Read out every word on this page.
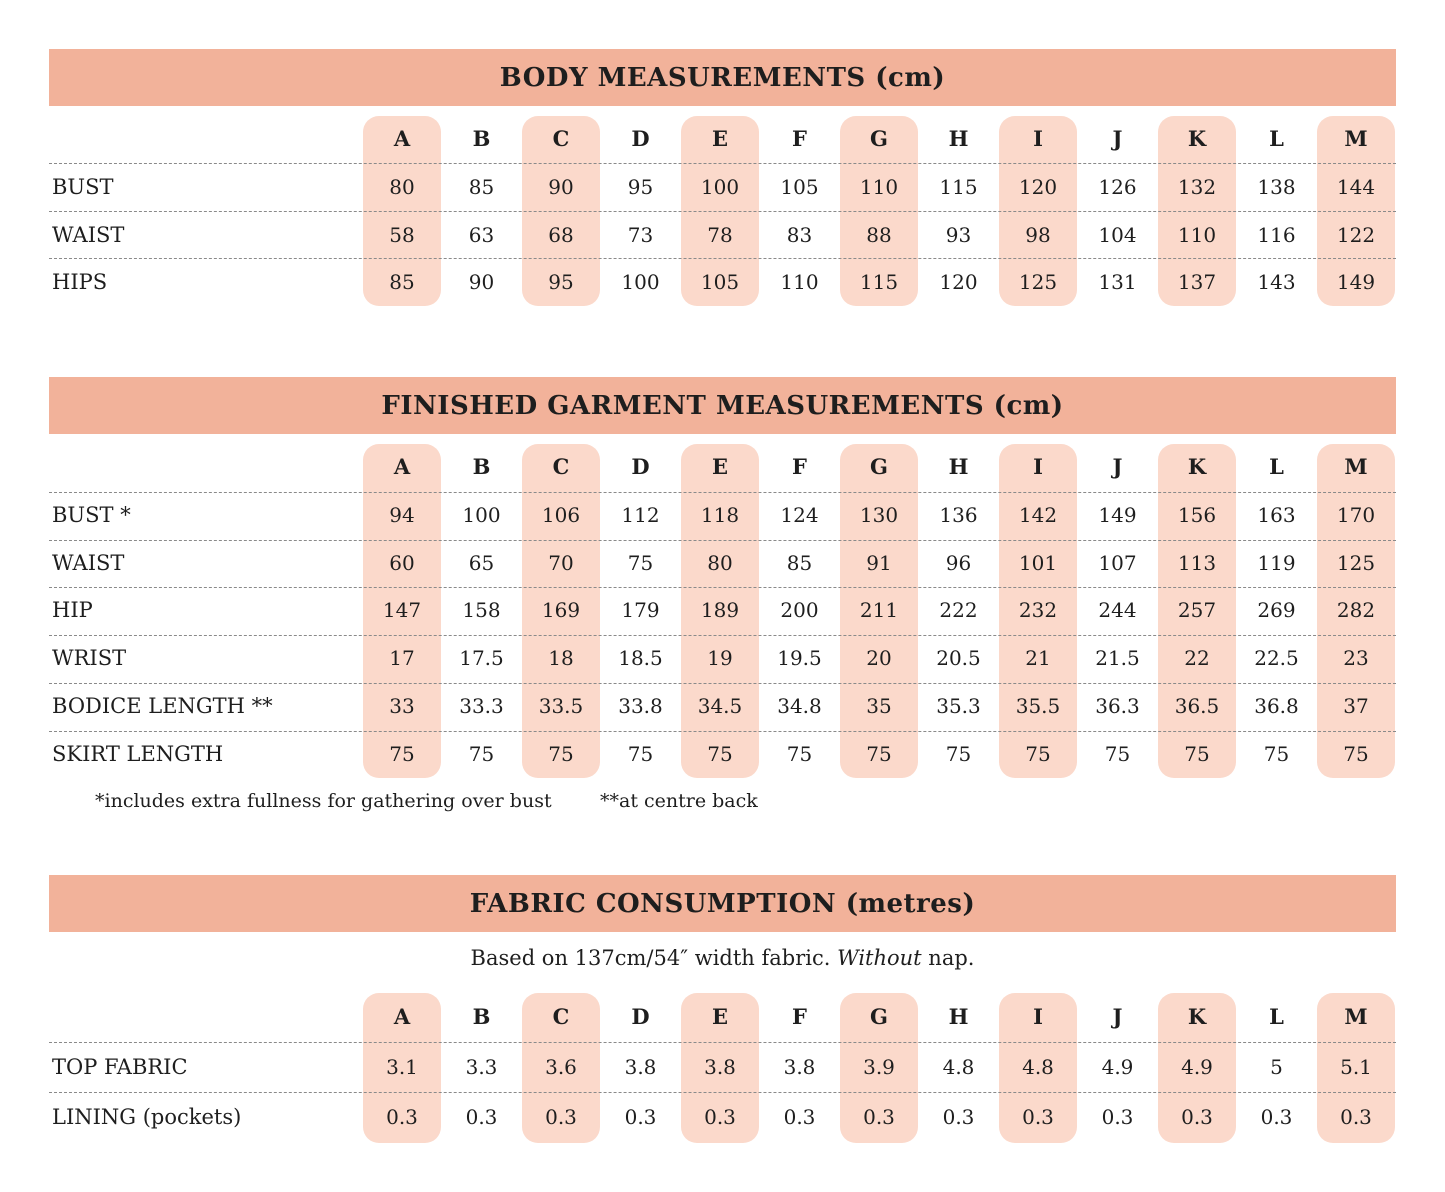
BODY MEASUREMENTS (cm)
FINISHED GARMENT MEASUREMENTS (cm)
*includes extra fullness for gathering over bust	**at centre back
FABRIC CONSUMPTION (metres)
Based on 137cm/54″ width fabric. Without nap.
A	B	C	D	E	F	G	H	I	J	K	L	M
BUST	80	85	90	95	100	105	110	115	120	126	132	138	144
WAIST	58	63	68	73	78	83	88	93	98	104	110	116	122
HIPS	85	90	95	100	105	110	115	120	125	131	137	143	149
A	B	C	D	E	F	G	H	I	J	K	L	M
BUST *	94	100	106	112	118	124	130	136	142	149	156	163	170
WAIST	60	65	70	75	80	85	91	96	101	107	113	119	125
HIP	147	158	169	179	189	200	211	222	232	244	257	269	282
WRIST	17	17.5	18	18.5	19	19.5	20	20.5	21	21.5	22	22.5	23
BODICE LENGTH **	33	33.3	33.5	33.8	34.5	34.8	35	35.3	35.5	36.3	36.5	36.8	37
SKIRT LENGTH	75	75	75	75	75	75	75	75	75	75	75	75	75
A	B	C	D	E	F	G	H	I	J	K	L	M
TOP FABRIC	3.1	3.3	3.6	3.8	3.8	3.8	3.9	4.8	4.8	4.9	4.9	5	5.1
LINING (pockets)	0.3	0.3	0.3	0.3	0.3	0.3	0.3	0.3	0.3	0.3	0.3	0.3	0.3
